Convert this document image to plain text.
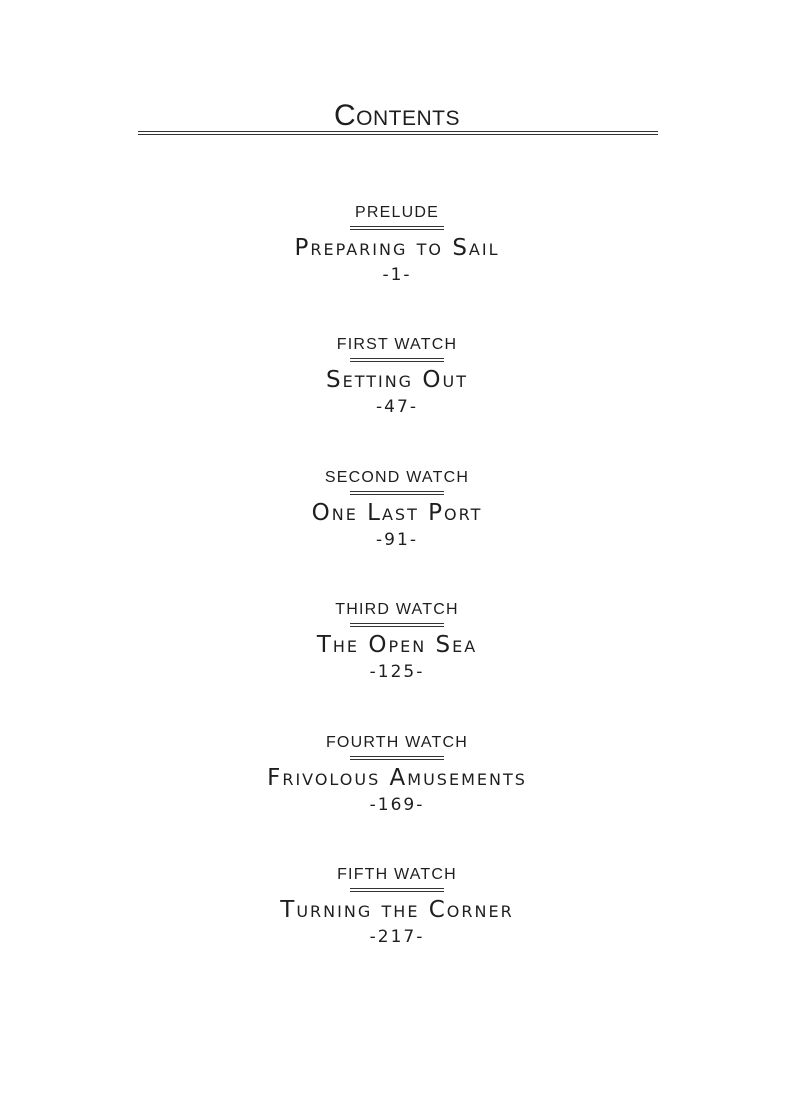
Contents
PRELUDE
Preparing to Sail
-1-
FIRST WATCH
Setting Out
-47-
SECOND WATCH
One Last Port
-91-
THIRD WATCH
The Open Sea
-125-
FOURTH WATCH
Frivolous Amusements
-169-
FIFTH WATCH
Turning the Corner
-217-
